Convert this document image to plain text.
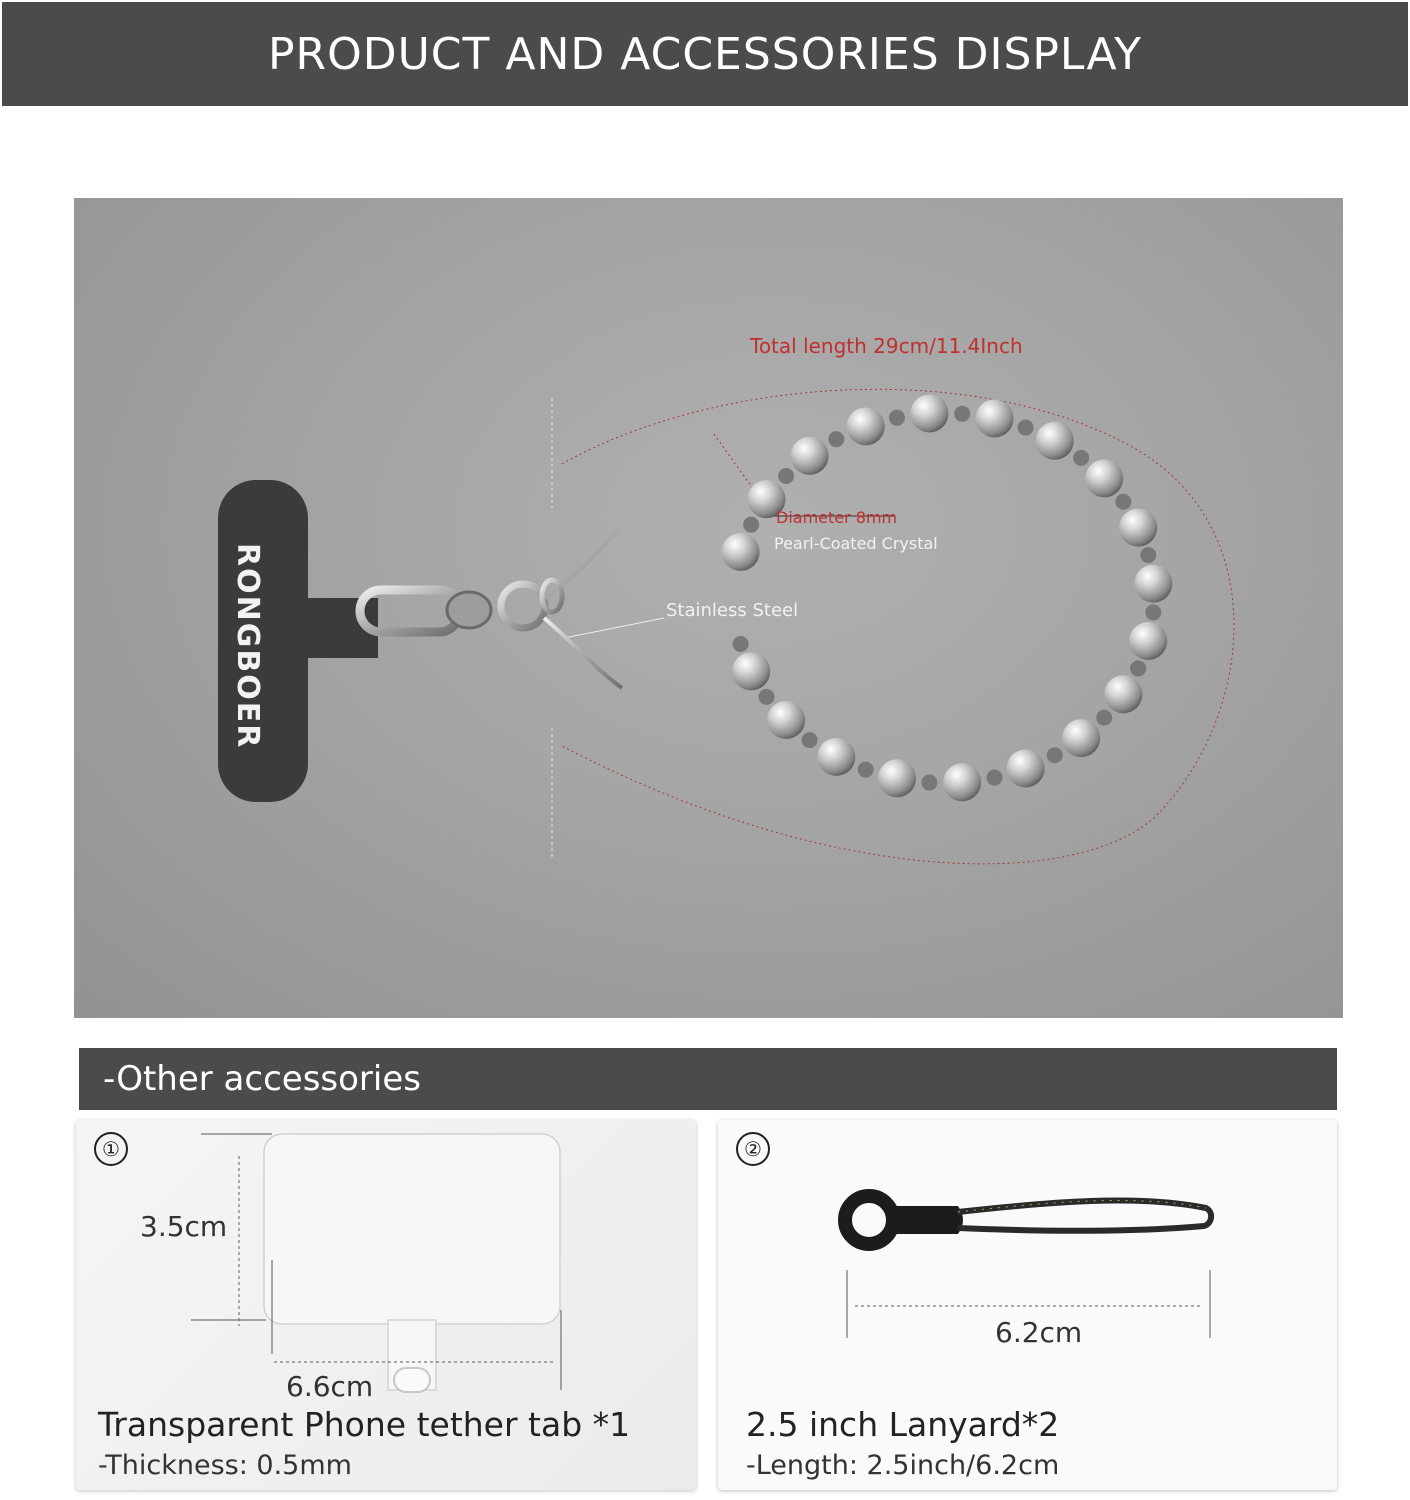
PRODUCT AND ACCESSORIES DISPLAY
RONGBOER
Total length 29cm/11.4Inch
Diameter 8mm
Pearl-Coated Crystal
Stainless Steel
-Other accessories
①
3.5cm
6.6cm
Transparent Phone tether tab *1
-Thickness: 0.5mm
②
6.2cm
2.5 inch Lanyard*2
-Length: 2.5inch/6.2cm
